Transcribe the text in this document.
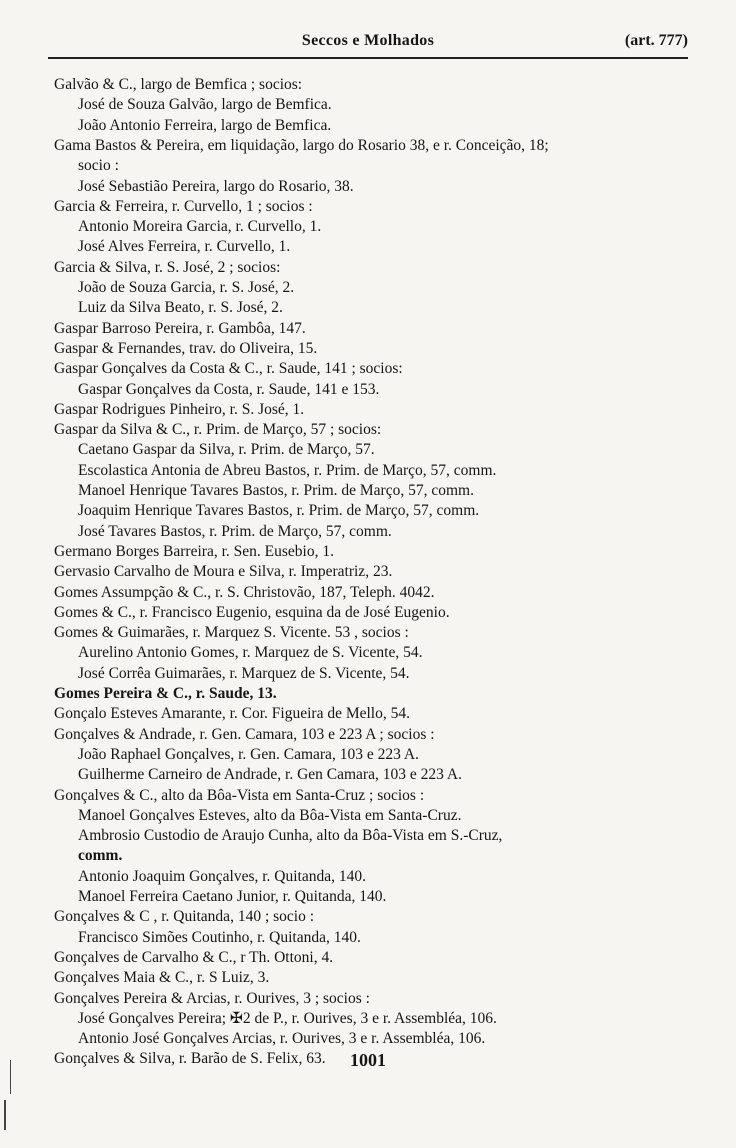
Seccos e Molhados	(art. 777)
Galvão & C., largo de Bemfica ; socios:
José de Souza Galvão, largo de Bemfica.
João Antonio Ferreira, largo de Bemfica.
Gama Bastos & Pereira, em liquidação, largo do Rosario 38, e r. Conceição, 18;
socio :
José Sebastião Pereira, largo do Rosario, 38.
Garcia & Ferreira, r. Curvello, 1 ; socios :
Antonio Moreira Garcia, r. Curvello, 1.
José Alves Ferreira, r. Curvello, 1.
Garcia & Silva, r. S. José, 2 ; socios:
João de Souza Garcia, r. S. José, 2.
Luiz da Silva Beato, r. S. José, 2.
Gaspar Barroso Pereira, r. Gambôa, 147.
Gaspar & Fernandes, trav. do Oliveira, 15.
Gaspar Gonçalves da Costa & C., r. Saude, 141 ; socios:
Gaspar Gonçalves da Costa, r. Saude, 141 e 153.
Gaspar Rodrigues Pinheiro, r. S. José, 1.
Gaspar da Silva & C., r. Prim. de Março, 57 ; socios:
Caetano Gaspar da Silva, r. Prim. de Março, 57.
Escolastica Antonia de Abreu Bastos, r. Prim. de Março, 57, comm.
Manoel Henrique Tavares Bastos, r. Prim. de Março, 57, comm.
Joaquim Henrique Tavares Bastos, r. Prim. de Março, 57, comm.
José Tavares Bastos, r. Prim. de Março, 57, comm.
Germano Borges Barreira, r. Sen. Eusebio, 1.
Gervasio Carvalho de Moura e Silva, r. Imperatriz, 23.
Gomes Assumpção & C., r. S. Christovão, 187, Teleph. 4042.
Gomes & C., r. Francisco Eugenio, esquina da de José Eugenio.
Gomes & Guimarães, r. Marquez S. Vicente. 53 , socios :
Aurelino Antonio Gomes, r. Marquez de S. Vicente, 54.
José Corrêa Guimarães, r. Marquez de S. Vicente, 54.
Gomes Pereira & C., r. Saude, 13.
Gonçalo Esteves Amarante, r. Cor. Figueira de Mello, 54.
Gonçalves & Andrade, r. Gen. Camara, 103 e 223 A ; socios :
João Raphael Gonçalves, r. Gen. Camara, 103 e 223 A.
Guilherme Carneiro de Andrade, r. Gen Camara, 103 e 223 A.
Gonçalves & C., alto da Bôa-Vista em Santa-Cruz ; socios :
Manoel Gonçalves Esteves, alto da Bôa-Vista em Santa-Cruz.
Ambrosio Custodio de Araujo Cunha, alto da Bôa-Vista em S.-Cruz,
comm.
Antonio Joaquim Gonçalves, r. Quitanda, 140.
Manoel Ferreira Caetano Junior, r. Quitanda, 140.
Gonçalves & C , r. Quitanda, 140 ; socio :
Francisco Simões Coutinho, r. Quitanda, 140.
Gonçalves de Carvalho & C., r Th. Ottoni, 4.
Gonçalves Maia & C., r. S Luiz, 3.
Gonçalves Pereira & Arcias, r. Ourives, 3 ; socios :
José Gonçalves Pereira; ✠2 de P., r. Ourives, 3 e r. Assembléa, 106.
Antonio José Gonçalves Arcias, r. Ourives, 3 e r. Assembléa, 106.
Gonçalves & Silva, r. Barão de S. Felix, 63.	1001
